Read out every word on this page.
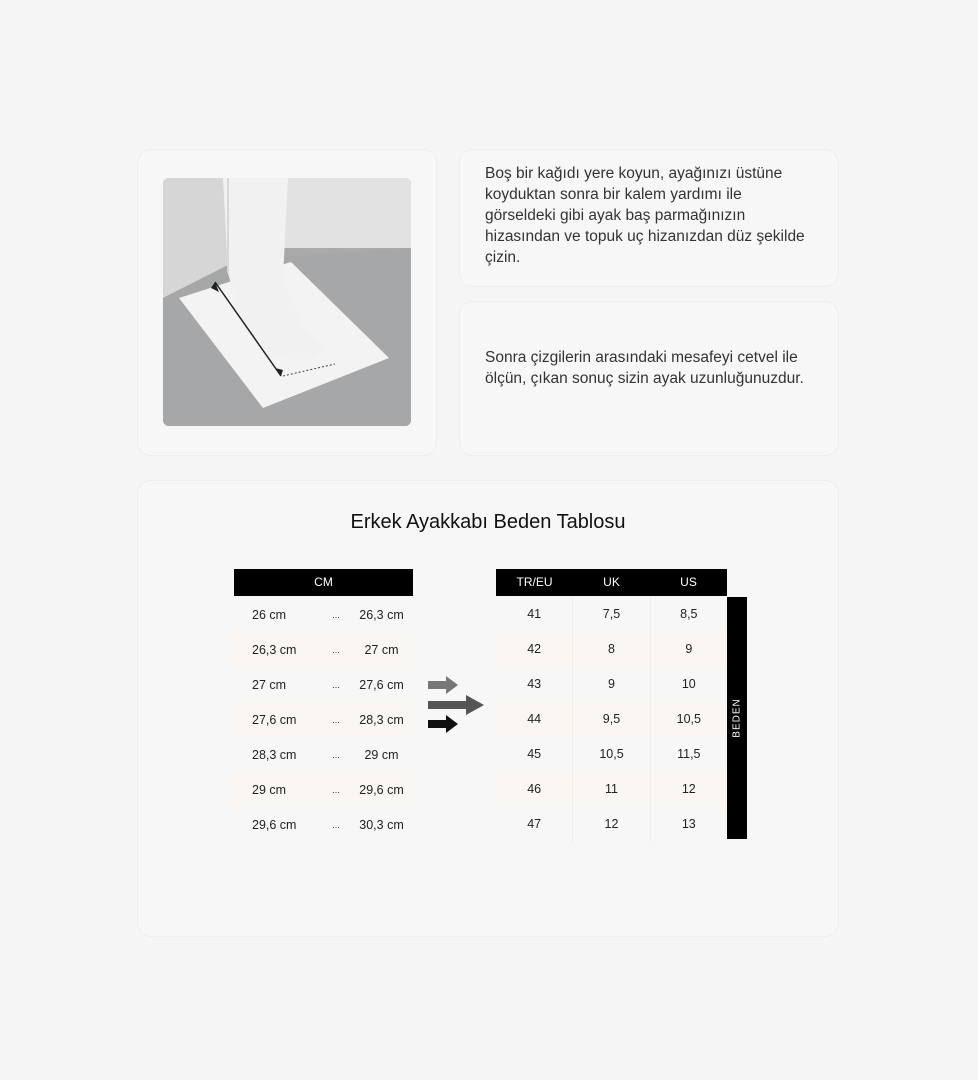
Boş bir kağıdı yere koyun, ayağınızı üstüne koyduktan sonra bir kalem yardımı ile görseldeki gibi ayak baş parmağınızın hizasından ve topuk uç hizanızdan düz şekilde çizin.

Sonra çizgilerin arasındaki mesafeyi cetvel ile ölçün, çıkan sonuç sizin ayak uzunluğunuzdur.

Erkek Ayakkabı Beden Tablosu
CM
26 cm	...	26,3 cm
26,3 cm	...	27 cm
27 cm	...	27,6 cm
27,6 cm	...	28,3 cm
28,3 cm	...	29 cm
29 cm	...	29,6 cm
29,6 cm	...	30,3 cm
TR/EU	UK	US
41	7,5	8,5
42	8	9
43	9	10
44	9,5	10,5
45	10,5	11,5
46	11	12
47	12	13
BEDEN
